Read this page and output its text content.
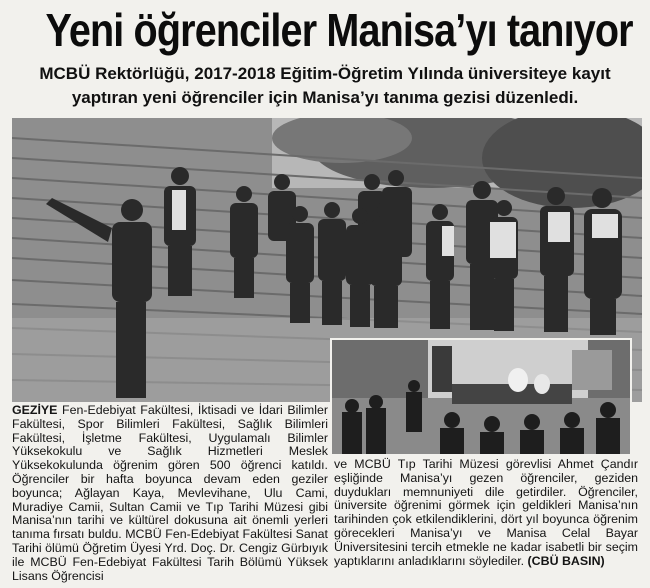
Yeni öğrenciler Manisa’yı tanıyor
MCBÜ Rektörlüğü, 2017-2018 Eğitim-Öğretim Yılında üniversiteye kayıt yaptıran yeni öğrenciler için Manisa’yı tanıma gezisi düzenledi.
GEZİYE Fen-Edebiyat Fakültesi, İktisadi ve İdari Bilimler Fakültesi, Spor Bilimleri Fakültesi, Sağlık Bilimleri Fakültesi, İşletme Fakültesi, Uygulamalı Bilimler Yüksekokulu ve Sağlık Hizmetleri Meslek Yüksekokulunda öğrenim gören 500 öğrenci katıldı. Öğrenciler bir hafta boyunca devam eden geziler boyunca; Ağlayan Kaya, Mevlevihane, Ulu Cami, Muradiye Camii, Sultan Camii ve Tıp Tarihi Müzesi gibi Manisa’nın tarihi ve kültürel dokusuna ait önemli yerleri tanıma fırsatı buldu. MCBÜ Fen-Edebiyat Fakültesi Sanat Tarihi ölümü Öğretim Üyesi Yrd. Doç. Dr. Cengiz Gürbıyık ile MCBÜ Fen-Edebiyat Fakültesi Tarih Bölümü Yüksek Lisans Öğrencisi
ve MCBÜ Tıp Tarihi Müzesi görevlisi Ahmet Çandır eşliğinde Manisa’yı gezen öğrenciler, geziden duydukları memnuniyeti dile getirdiler. Öğrenciler, üniversite öğrenimi görmek için geldikleri Manisa’nın tarihinden çok etkilendiklerini, dört yıl boyunca öğrenim görecekleri Manisa’yı ve Manisa Celal Bayar Üniversitesini tercih etmekle ne kadar isabetli bir seçim yaptıklarını anladıklarını söylediler. (CBÜ BASIN)
